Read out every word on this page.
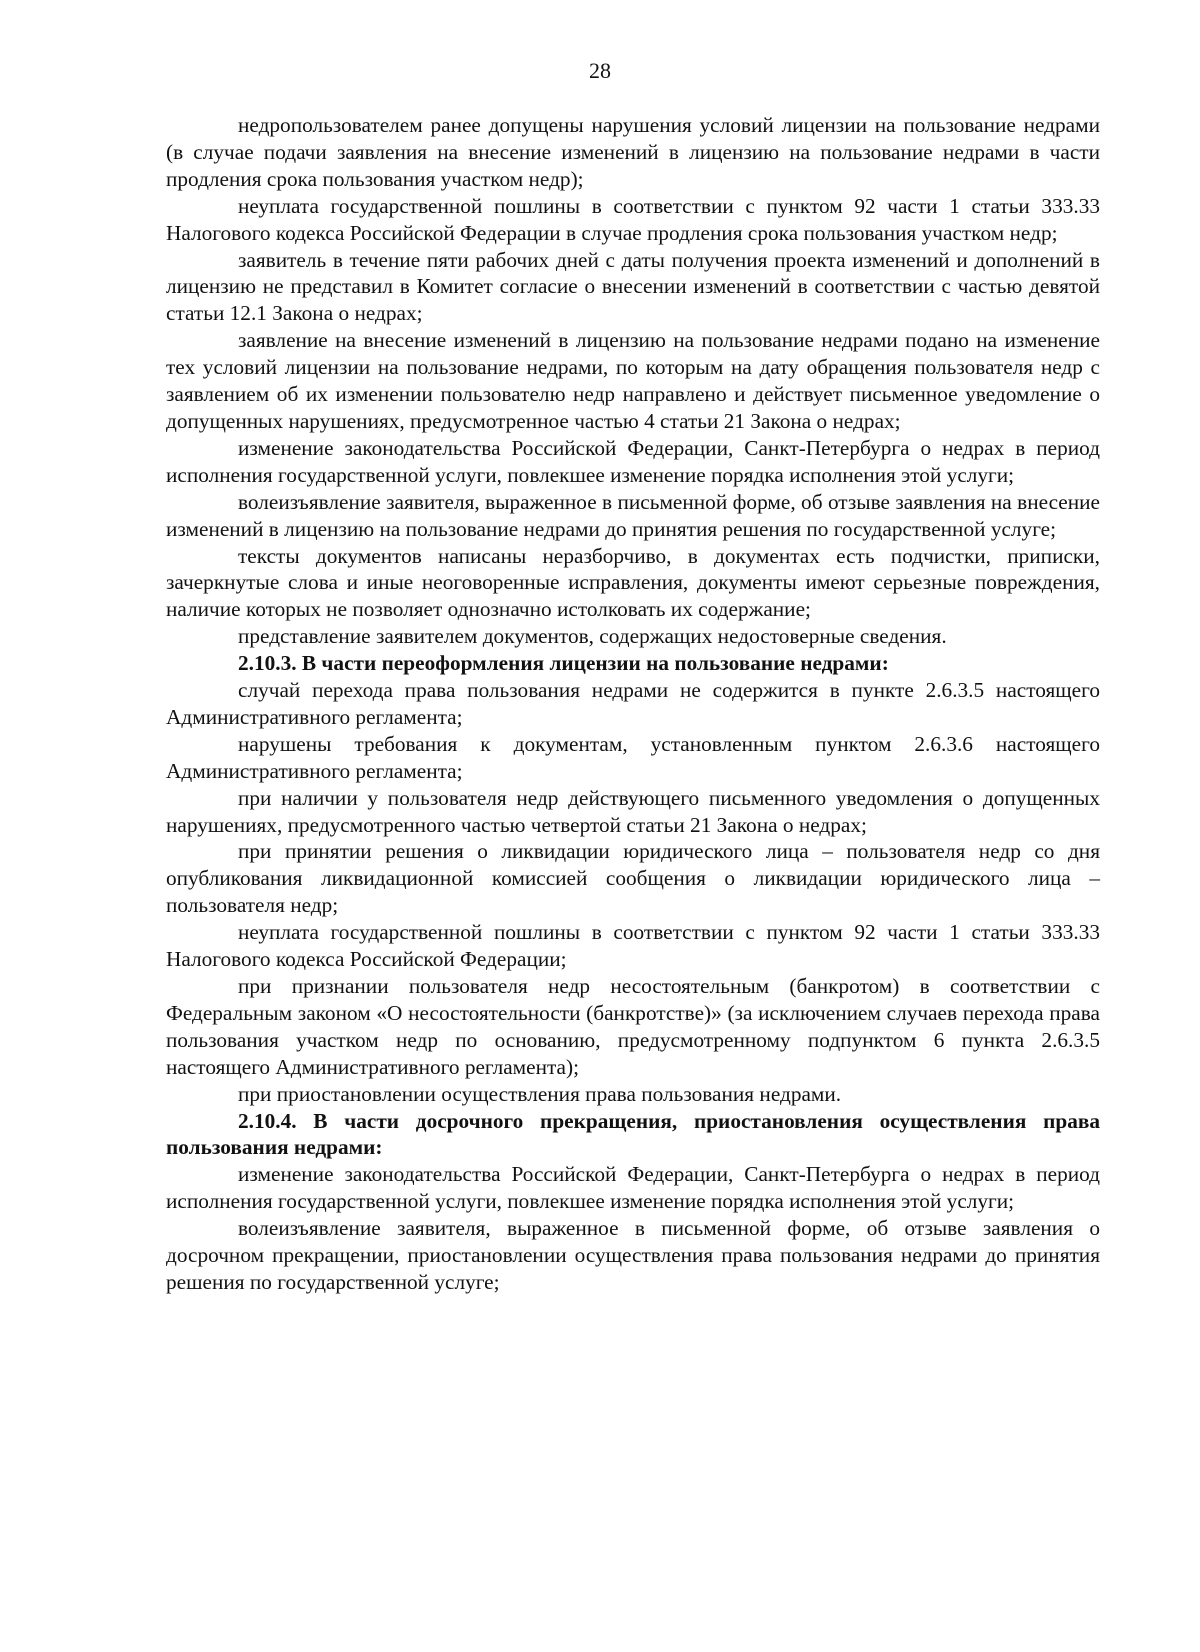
28

недропользователем ранее допущены нарушения условий лицензии на пользование недрами (в случае подачи заявления на внесение изменений в лицензию на пользование недрами в части продления срока пользования участком недр);

неуплата государственной пошлины в соответствии с пунктом 92 части 1 статьи 333.33 Налогового кодекса Российской Федерации в случае продления срока пользования участком недр;

заявитель в течение пяти рабочих дней с даты получения проекта изменений и дополнений в лицензию не представил в Комитет согласие о внесении изменений в соответствии с частью девятой статьи 12.1 Закона о недрах;

заявление на внесение изменений в лицензию на пользование недрами подано на изменение тех условий лицензии на пользование недрами, по которым на дату обращения пользователя недр с заявлением об их изменении пользователю недр направлено и действует письменное уведомление о допущенных нарушениях, предусмотренное частью 4 статьи 21 Закона о недрах;

изменение законодательства Российской Федерации, Санкт-Петербурга о недрах в период исполнения государственной услуги, повлекшее изменение порядка исполнения этой услуги;

волеизъявление заявителя, выраженное в письменной форме, об отзыве заявления на внесение изменений в лицензию на пользование недрами до принятия решения по государственной услуге;

тексты документов написаны неразборчиво, в документах есть подчистки, приписки, зачеркнутые слова и иные неоговоренные исправления, документы имеют серьезные повреждения, наличие которых не позволяет однозначно истолковать их содержание;

представление заявителем документов, содержащих недостоверные сведения.

2.10.3. В части переоформления лицензии на пользование недрами:

случай перехода права пользования недрами не содержится в пункте 2.6.3.5 настоящего Административного регламента;

нарушены требования к документам, установленным пунктом 2.6.3.6 настоящего Административного регламента;

при наличии у пользователя недр действующего письменного уведомления о допущенных нарушениях, предусмотренного частью четвертой статьи 21 Закона о недрах;

при принятии решения о ликвидации юридического лица – пользователя недр со дня опубликования ликвидационной комиссией сообщения о ликвидации юридического лица – пользователя недр;

неуплата государственной пошлины в соответствии с пунктом 92 части 1 статьи 333.33 Налогового кодекса Российской Федерации;

при признании пользователя недр несостоятельным (банкротом) в соответствии с Федеральным законом «О несостоятельности (банкротстве)» (за исключением случаев перехода права пользования участком недр по основанию, предусмотренному подпунктом 6 пункта 2.6.3.5 настоящего Административного регламента);

при приостановлении осуществления права пользования недрами.

2.10.4. В части досрочного прекращения, приостановления осуществления права пользования недрами:

изменение законодательства Российской Федерации, Санкт-Петербурга о недрах в период исполнения государственной услуги, повлекшее изменение порядка исполнения этой услуги;

волеизъявление заявителя, выраженное в письменной форме, об отзыве заявления о досрочном прекращении, приостановлении осуществления права пользования недрами до принятия решения по государственной услуге;
